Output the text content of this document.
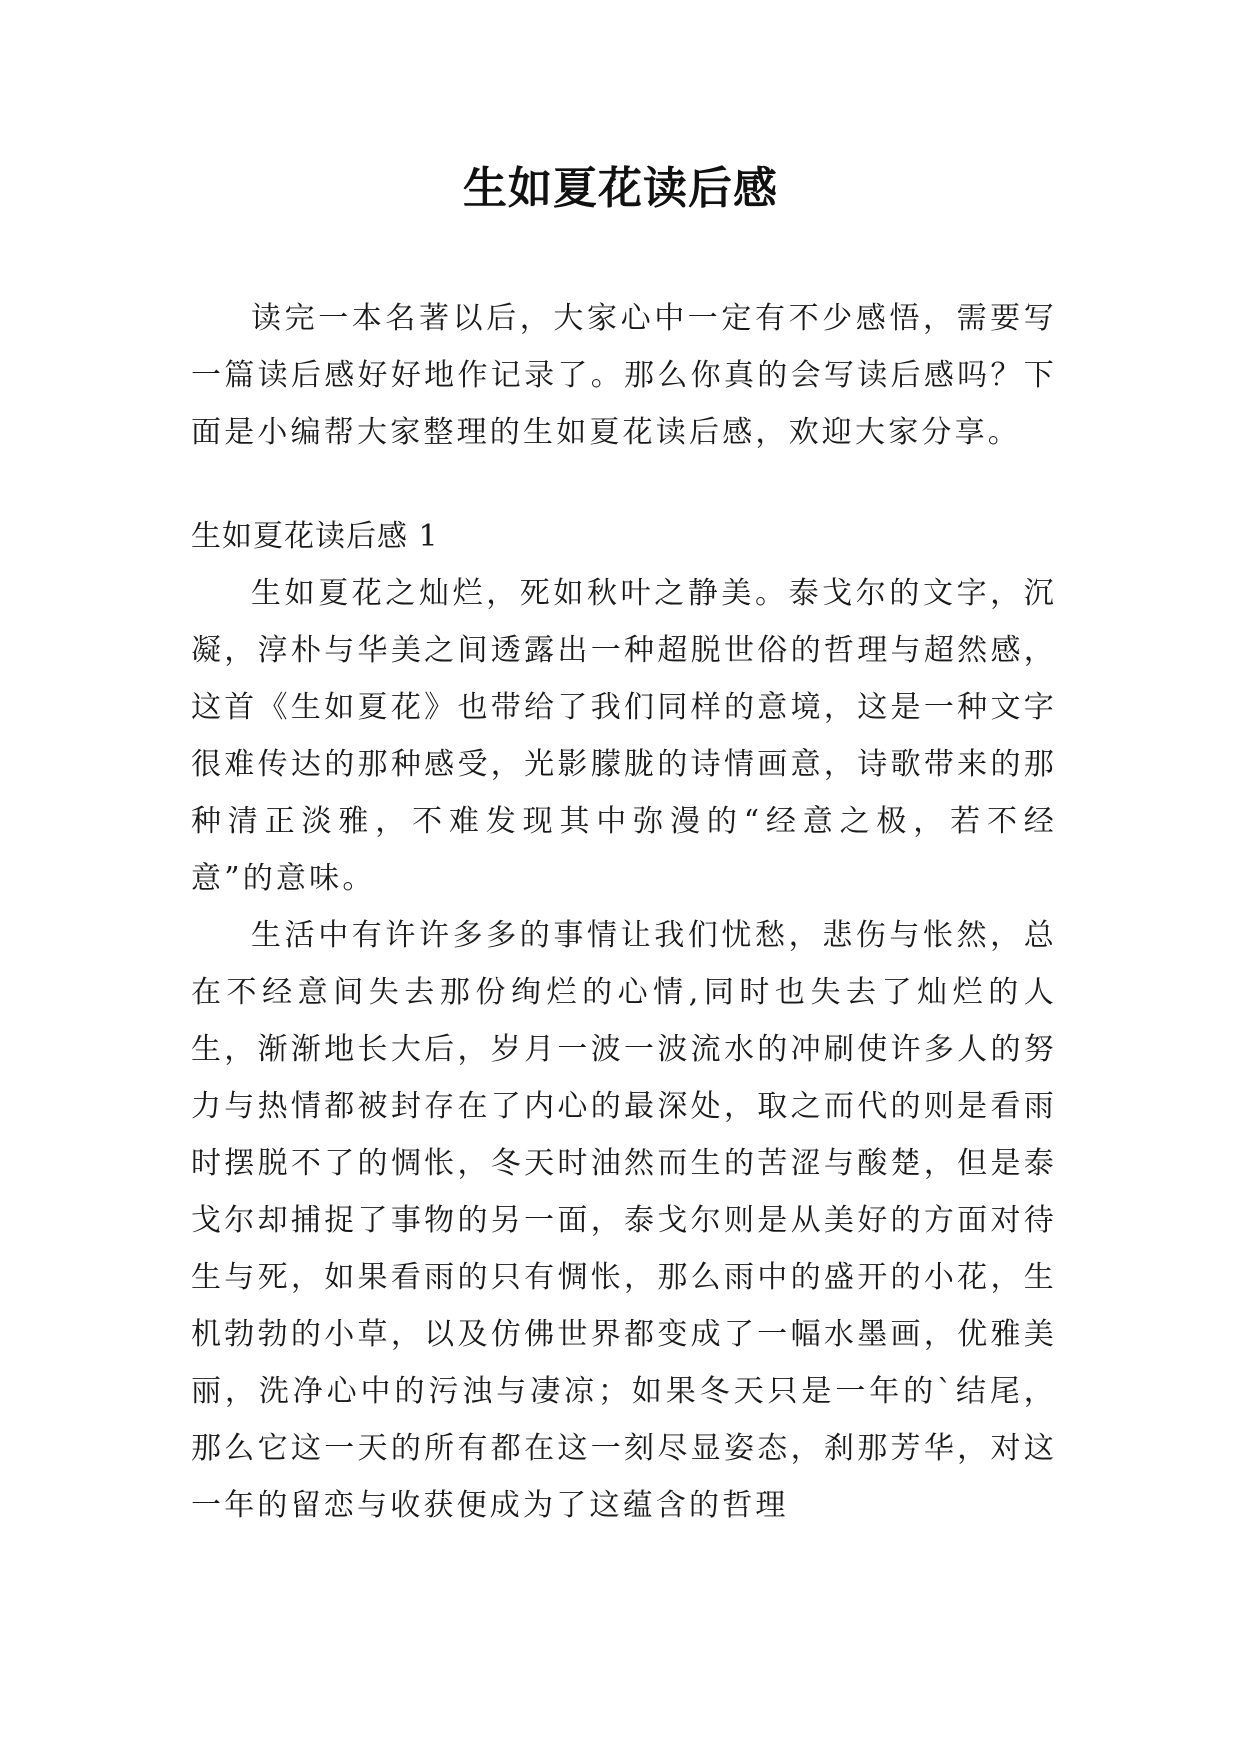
生如夏花读后感

读完一本名著以后，大家心中一定有不少感悟，需要写一篇读后感好好地作记录了。那么你真的会写读后感吗？下面是小编帮大家整理的生如夏花读后感，欢迎大家分享。

生如夏花读后感 1

生如夏花之灿烂，死如秋叶之静美。泰戈尔的文字，沉凝，淳朴与华美之间透露出一种超脱世俗的哲理与超然感，这首《生如夏花》也带给了我们同样的意境，这是一种文字很难传达的那种感受，光影朦胧的诗情画意，诗歌带来的那种清正淡雅，不难发现其中弥漫的“经意之极，若不经意”的意味。

生活中有许许多多的事情让我们忧愁，悲伤与怅然，总在不经意间失去那份绚烂的心情,同时也失去了灿烂的人生，渐渐地长大后，岁月一波一波流水的冲刷使许多人的努力与热情都被封存在了内心的最深处，取之而代的则是看雨时摆脱不了的惆怅，冬天时油然而生的苦涩与酸楚，但是泰戈尔却捕捉了事物的另一面，泰戈尔则是从美好的方面对待生与死，如果看雨的只有惆怅，那么雨中的盛开的小花，生机勃勃的小草，以及仿佛世界都变成了一幅水墨画，优雅美丽，洗净心中的污浊与凄凉；如果冬天只是一年的`结尾，那么它这一天的所有都在这一刻尽显姿态，刹那芳华，对这一年的留恋与收获便成为了这蕴含的哲理
